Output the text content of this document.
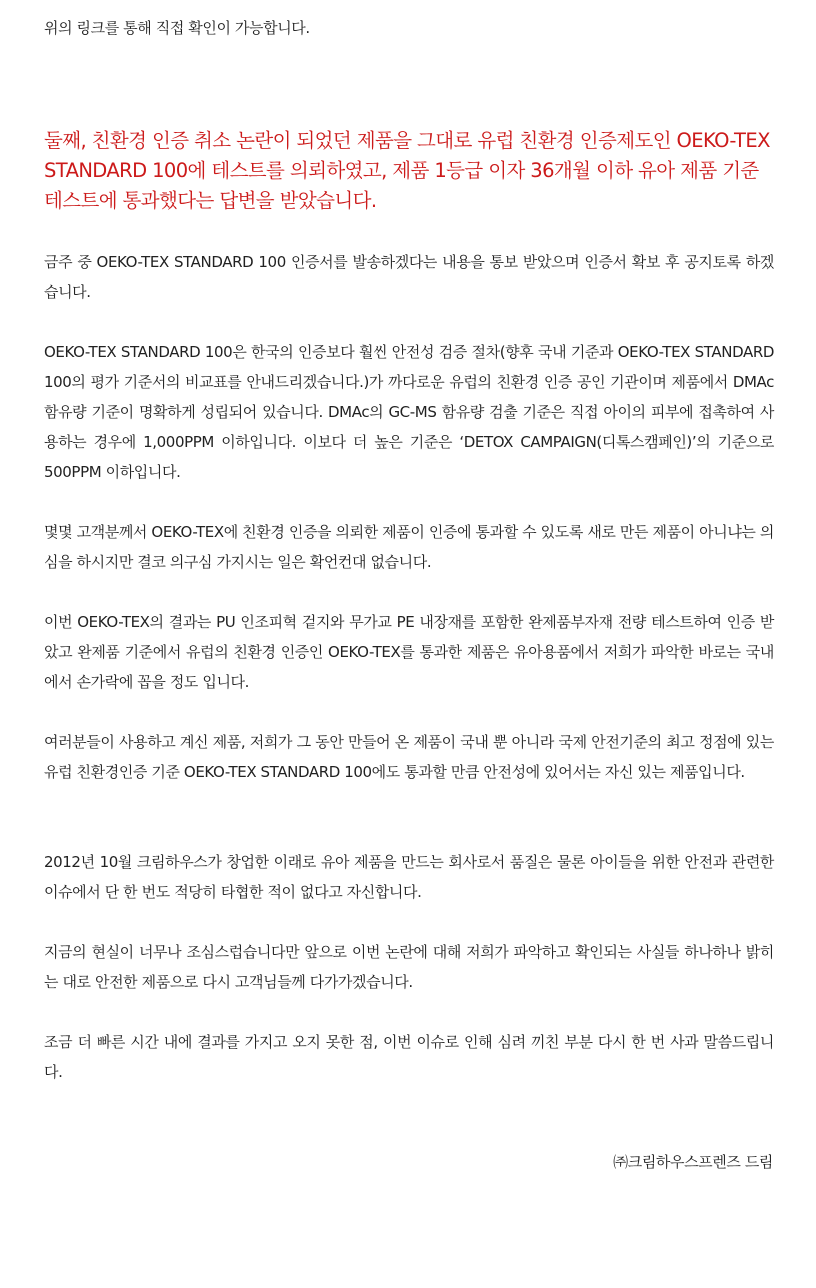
위의 링크를 통해 직접 확인이 가능합니다.

둘째, 친환경 인증 취소 논란이 되었던 제품을 그대로 유럽 친환경 인증제도인 OEKO-TEX STANDARD 100에 테스트를 의뢰하였고, 제품 1등급 이자 36개월 이하 유아 제품 기준 테스트에 통과했다는 답변을 받았습니다.

금주 중 OEKO-TEX STANDARD 100 인증서를 발송하겠다는 내용을 통보 받았으며 인증서 확보 후 공지토록 하겠습니다.

OEKO-TEX STANDARD 100은 한국의 인증보다 훨씬 안전성 검증 절차(향후 국내 기준과 OEKO-TEX STANDARD 100의 평가 기준서의 비교표를 안내드리겠습니다.)가 까다로운 유럽의 친환경 인증 공인 기관이며 제품에서 DMAc 함유량 기준이 명확하게 성립되어 있습니다. DMAc의 GC-MS 함유량 검출 기준은 직접 아이의 피부에 접촉하여 사용하는 경우에 1,000PPM 이하입니다. 이보다 더 높은 기준은 ‘DETOX CAMPAIGN(디톡스캠페인)’의 기준으로 500PPM 이하입니다.

몇몇 고객분께서 OEKO-TEX에 친환경 인증을 의뢰한 제품이 인증에 통과할 수 있도록 새로 만든 제품이 아니냐는 의심을 하시지만 결코 의구심 가지시는 일은 확언컨대 없습니다.

이번 OEKO-TEX의 결과는 PU 인조피혁 겉지와 무가교 PE 내장재를 포함한 완제품부자재 전량 테스트하여 인증 받았고 완제품 기준에서 유럽의 친환경 인증인 OEKO-TEX를 통과한 제품은 유아용품에서 저희가 파악한 바로는 국내에서 손가락에 꼽을 정도 입니다.

여러분들이 사용하고 계신 제품, 저희가 그 동안 만들어 온 제품이 국내 뿐 아니라 국제 안전기준의 최고 정점에 있는 유럽 친환경인증 기준 OEKO-TEX STANDARD 100에도 통과할 만큼 안전성에 있어서는 자신 있는 제품입니다.

2012년 10월 크림하우스가 창업한 이래로 유아 제품을 만드는 회사로서 품질은 물론 아이들을 위한 안전과 관련한 이슈에서 단 한 번도 적당히 타협한 적이 없다고 자신합니다.

지금의 현실이 너무나 조심스럽습니다만 앞으로 이번 논란에 대해 저희가 파악하고 확인되는 사실들 하나하나 밝히는 대로 안전한 제품으로 다시 고객님들께 다가가겠습니다.

조금 더 빠른 시간 내에 결과를 가지고 오지 못한 점, 이번 이슈로 인해 심려 끼친 부분 다시 한 번 사과 말씀드립니다.

㈜크림하우스프렌즈 드림
